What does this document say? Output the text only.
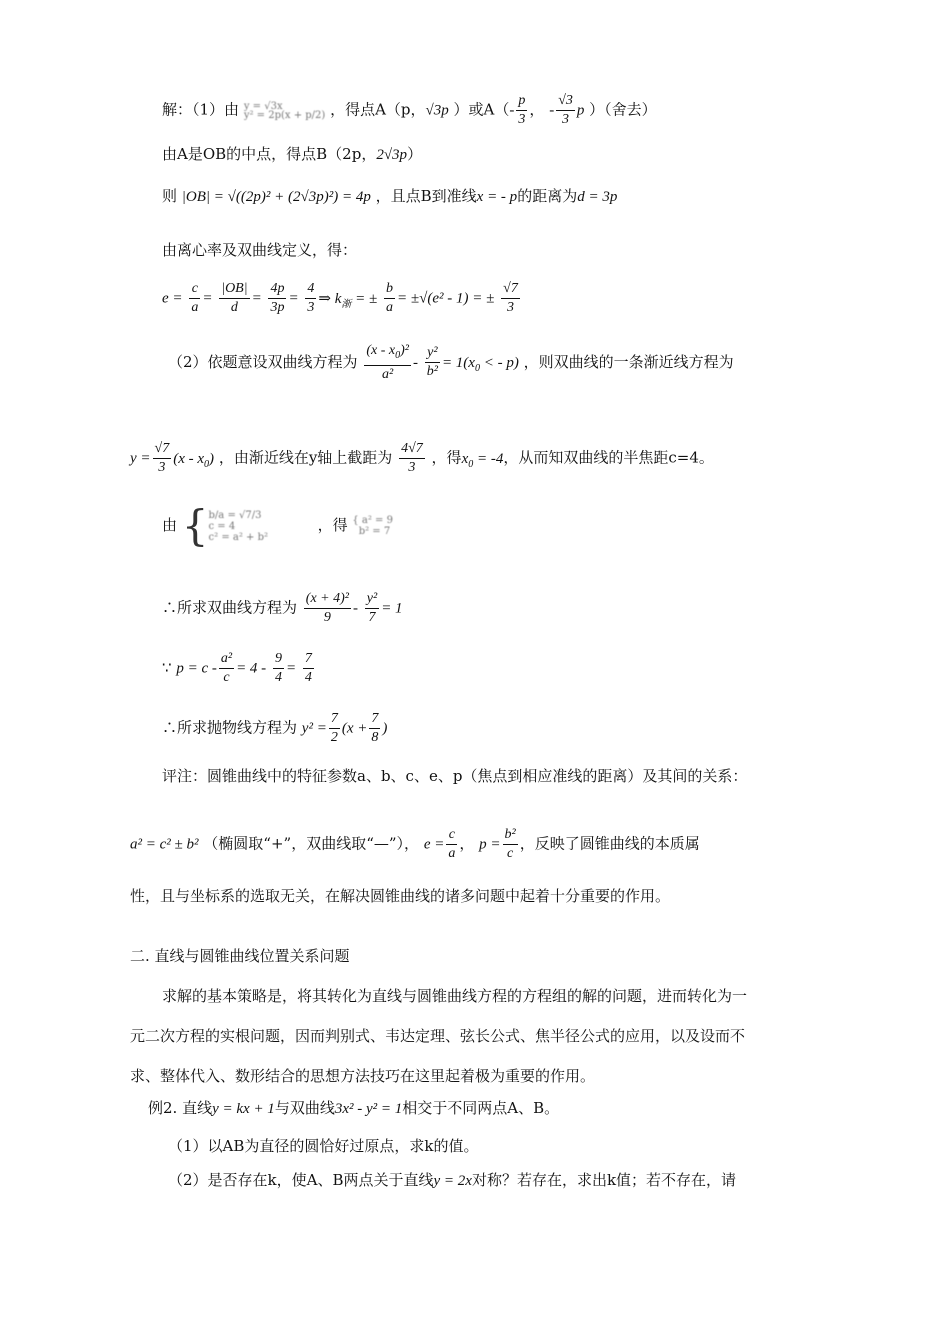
解：（1）由 y = √3x
y² = 2p(x + p/2) ，得点A（p，√3p ）或$A(- \frac{p}{3}$ ， - $\frac{√3}{3}$ p ）（舍去）
由A是OB的中点，得点B（2p，2√3p）
则 |OB| = √((2p)² + (2√3p)²) = 4p ，且点B到准线x = - p的距离为d = 3p
由离心率及双曲线定义，得：
$e = \frac{c}{a} = \frac{|OB|}{d} = \frac{4p}{3p} = \frac{4}{3}$ ⇒ $k_渐$ = ± $\frac{b}{a} = \pm√(e^2 - 1)$ = ± $\frac{√7}{3}$
（2）依题意设双曲线方程为 $\frac{(x - x_0)^2}{\text{a²}} - \frac{\text{y²}}{\text{b²}} = 1(x_0$ < - p) ，则双曲线的一条渐近线方程为
$y = \frac{√7}{3} (x - x_0)$ ，由渐近线在y轴上截距为 $\frac{4√7}{3}$ ，得$x_0 = -4$，从而知双曲线的半焦距c=4。
由 {b/a = √7/3
c = 4
c² = a² + b²  ，得 { a² = 9
b² = 7
∴所求双曲线方程为 $\frac{\text{(x + 4)²}}{9} - \frac{\text{y²}}{7} = 1$
∵ $p = c - \frac{\text{a²}}{c} = 4 - \frac{9}{4} = \frac{7}{4}$
∴所求抛物线方程为 $y^2 = \frac{7}{2} (x + \frac{7}{8}$ )
评注：圆锥曲线中的特征参数a、b、c、e、p（焦点到相应准线的距离）及其间的关系：
a² = c² ± b² （椭圆取“+”，双曲线取“—”）， $e = \frac{c}{a}$ ， $p = \frac{\text{b²}}{c}$ ，反映了圆锥曲线的本质属
性，且与坐标系的选取无关，在解决圆锥曲线的诸多问题中起着十分重要的作用。
二. 直线与圆锥曲线位置关系问题
求解的基本策略是，将其转化为直线与圆锥曲线方程的方程组的解的问题，进而转化为一
元二次方程的实根问题，因而判别式、韦达定理、弦长公式、焦半径公式的应用，以及设而不
求、整体代入、数形结合的思想方法技巧在这里起着极为重要的作用。
例2. 直线y = kx + 1与双曲线3x² - y² = 1相交于不同两点A、B。
（1）以AB为直径的圆恰好过原点，求k的值。
（2）是否存在k，使A、B两点关于直线y = 2x对称？若存在，求出k值；若不存在，请
